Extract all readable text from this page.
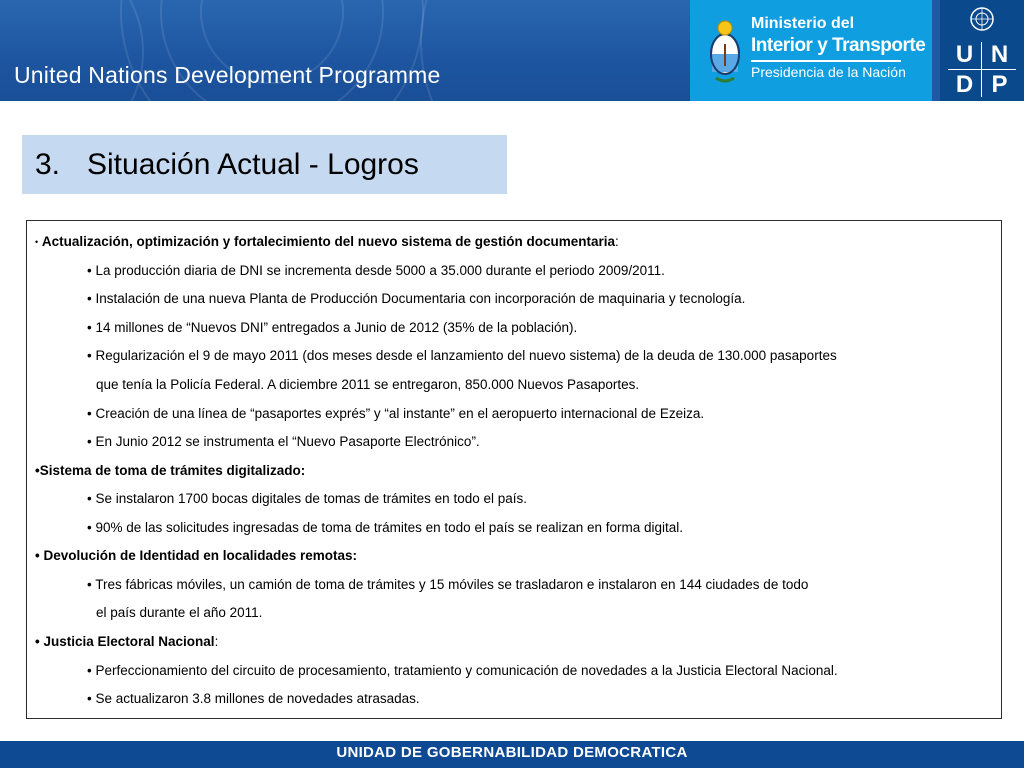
United Nations Development Programme
Ministerio del
Interior y Transporte
Presidencia de la Nación
U N
D P
3. Situación Actual - Logros
• Actualización, optimización y fortalecimiento del nuevo sistema de gestión documentaria:
• La producción diaria de DNI se incrementa desde 5000 a 35.000 durante el periodo 2009/2011.
• Instalación de una nueva Planta de Producción Documentaria con incorporación de maquinaria y tecnología.
• 14 millones de “Nuevos DNI” entregados a Junio de 2012 (35% de la población).
• Regularización el 9 de mayo 2011 (dos meses desde el lanzamiento del nuevo sistema) de la deuda de 130.000 pasaportes
que tenía la Policía Federal. A diciembre 2011 se entregaron, 850.000 Nuevos Pasaportes.
• Creación de una línea de “pasaportes exprés” y “al instante” en el aeropuerto internacional de Ezeiza.
• En Junio 2012 se instrumenta el “Nuevo Pasaporte Electrónico”.
•Sistema de toma de trámites digitalizado:
• Se instalaron 1700 bocas digitales de tomas de trámites en todo el país.
• 90% de las solicitudes ingresadas de toma de trámites en todo el país se realizan en forma digital.
• Devolución de Identidad en localidades remotas:
• Tres fábricas móviles, un camión de toma de trámites y 15 móviles se trasladaron e instalaron en 144 ciudades de todo
el país durante el año 2011.
• Justicia Electoral Nacional:
• Perfeccionamiento del circuito de procesamiento, tratamiento y comunicación de novedades a la Justicia Electoral Nacional.
• Se actualizaron 3.8 millones de novedades atrasadas.
UNIDAD DE GOBERNABILIDAD DEMOCRATICA
